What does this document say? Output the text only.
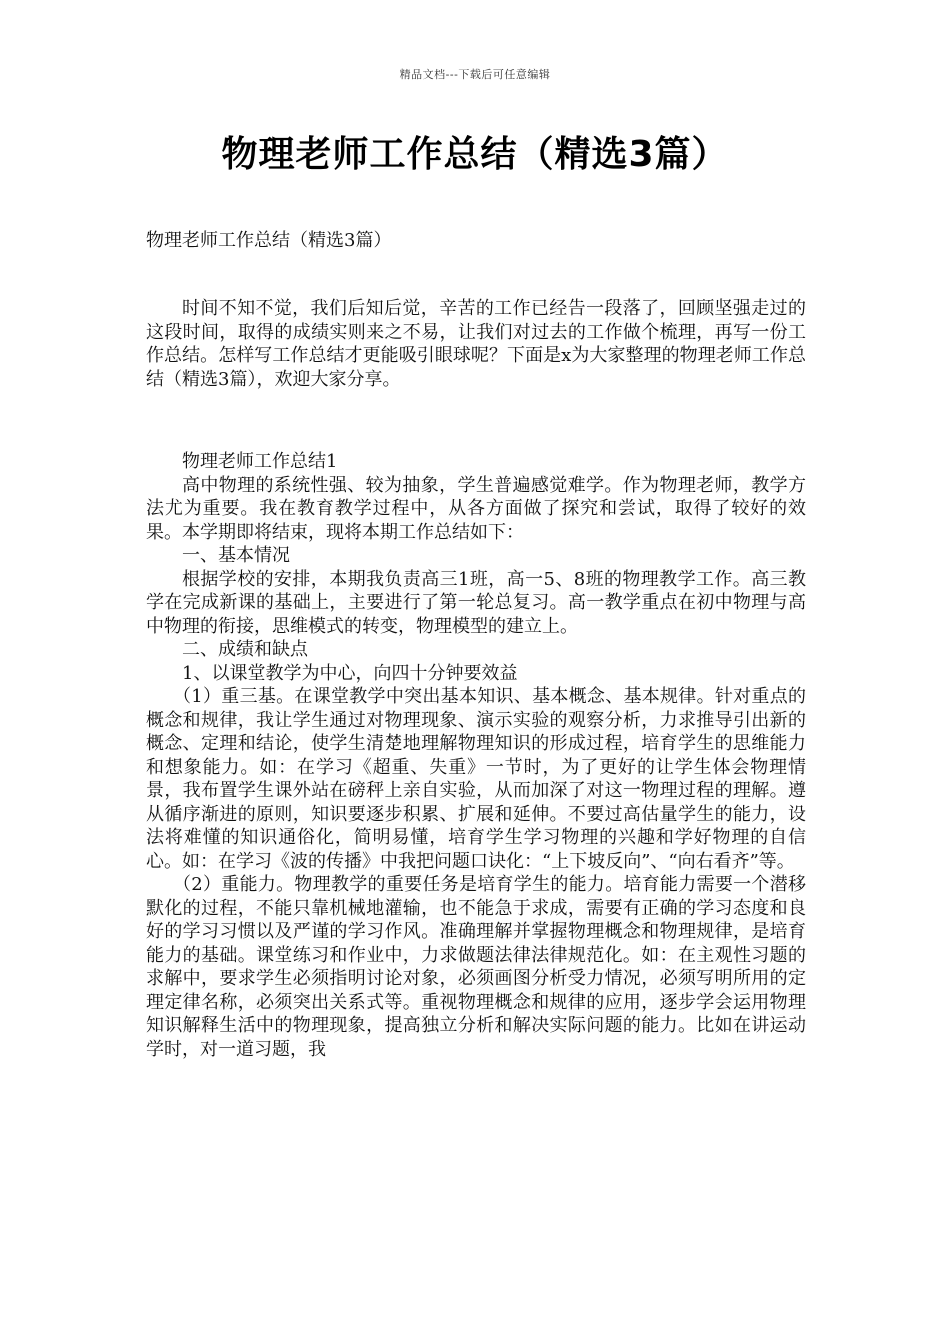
精品文档---下载后可任意编辑
物理老师工作总结（精选3篇）

物理老师工作总结（精选3篇）

时间不知不觉，我们后知后觉，辛苦的工作已经告一段落了，回顾坚强走过的这段时间，取得的成绩实则来之不易，让我们对过去的工作做个梳理，再写一份工作总结。怎样写工作总结才更能吸引眼球呢？下面是x为大家整理的物理老师工作总结（精选3篇），欢迎大家分享。

物理老师工作总结1

高中物理的系统性强、较为抽象，学生普遍感觉难学。作为物理老师，教学方法尤为重要。我在教育教学过程中，从各方面做了探究和尝试，取得了较好的效果。本学期即将结束，现将本期工作总结如下：

一、基本情况

根据学校的安排，本期我负责高三1班，高一5、8班的物理教学工作。高三教学在完成新课的基础上，主要进行了第一轮总复习。高一教学重点在初中物理与高中物理的衔接，思维模式的转变，物理模型的建立上。

二、成绩和缺点

1、以课堂教学为中心，向四十分钟要效益

（1）重三基。在课堂教学中突出基本知识、基本概念、基本规律。针对重点的概念和规律，我让学生通过对物理现象、演示实验的观察分析，力求推导引出新的概念、定理和结论，使学生清楚地理解物理知识的形成过程，培育学生的思维能力和想象能力。如：在学习《超重、失重》一节时，为了更好的让学生体会物理情景，我布置学生课外站在磅秤上亲自实验，从而加深了对这一物理过程的理解。遵从循序渐进的原则，知识要逐步积累、扩展和延伸。不要过高估量学生的能力，设法将难懂的知识通俗化，简明易懂，培育学生学习物理的兴趣和学好物理的自信心。如：在学习《波的传播》中我把问题口诀化：“上下坡反向”、“向右看齐”等。

（2）重能力。物理教学的重要任务是培育学生的能力。培育能力需要一个潜移默化的过程，不能只靠机械地灌输，也不能急于求成，需要有正确的学习态度和良好的学习习惯以及严谨的学习作风。准确理解并掌握物理概念和物理规律，是培育能力的基础。课堂练习和作业中，力求做题法律法律规范化。如：在主观性习题的求解中，要求学生必须指明讨论对象，必须画图分析受力情况，必须写明所用的定理定律名称，必须突出关系式等。重视物理概念和规律的应用，逐步学会运用物理知识解释生活中的物理现象，提高独立分析和解决实际问题的能力。比如在讲运动学时，对一道习题，我
